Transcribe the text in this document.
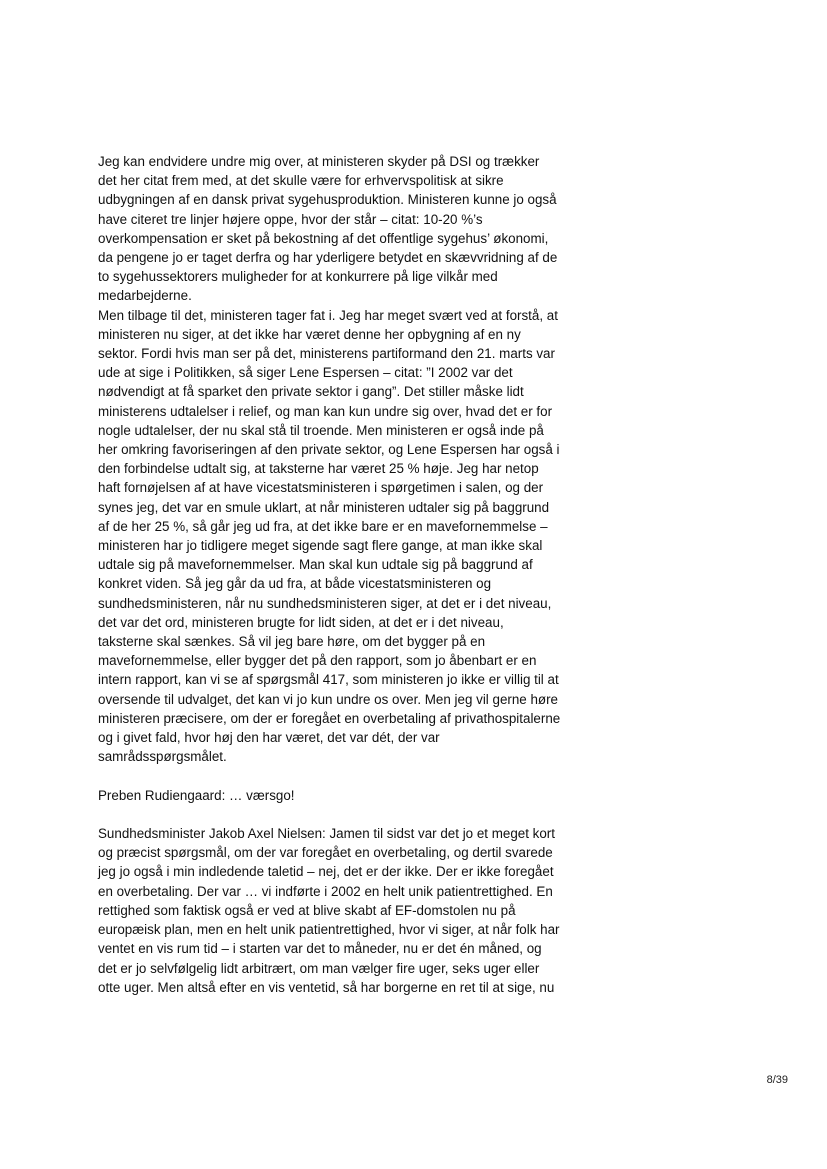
Jeg kan endvidere undre mig over, at ministeren skyder på DSI og trækker
det her citat frem med, at det skulle være for erhvervspolitisk at sikre
udbygningen af en dansk privat sygehusproduktion. Ministeren kunne jo også
have citeret tre linjer højere oppe, hvor der står – citat: 10-20 %’s
overkompensation er sket på bekostning af det offentlige sygehus’ økonomi,
da pengene jo er taget derfra og har yderligere betydet en skævvridning af de
to sygehussektorers muligheder for at konkurrere på lige vilkår med
medarbejderne.

Men tilbage til det, ministeren tager fat i. Jeg har meget svært ved at forstå, at
ministeren nu siger, at det ikke har været denne her opbygning af en ny
sektor. Fordi hvis man ser på det, ministerens partiformand den 21. marts var
ude at sige i Politikken, så siger Lene Espersen – citat: ”I 2002 var det
nødvendigt at få sparket den private sektor i gang”. Det stiller måske lidt
ministerens udtalelser i relief, og man kan kun undre sig over, hvad det er for
nogle udtalelser, der nu skal stå til troende. Men ministeren er også inde på
her omkring favoriseringen af den private sektor, og Lene Espersen har også i
den forbindelse udtalt sig, at taksterne har været 25 % høje. Jeg har netop
haft fornøjelsen af at have vicestatsministeren i spørgetimen i salen, og der
synes jeg, det var en smule uklart, at når ministeren udtaler sig på baggrund
af de her 25 %, så går jeg ud fra, at det ikke bare er en mavefornemmelse –
ministeren har jo tidligere meget sigende sagt flere gange, at man ikke skal
udtale sig på mavefornemmelser. Man skal kun udtale sig på baggrund af
konkret viden. Så jeg går da ud fra, at både vicestatsministeren og
sundhedsministeren, når nu sundhedsministeren siger, at det er i det niveau,
det var det ord, ministeren brugte for lidt siden, at det er i det niveau,
taksterne skal sænkes. Så vil jeg bare høre, om det bygger på en
mavefornemmelse, eller bygger det på den rapport, som jo åbenbart er en
intern rapport, kan vi se af spørgsmål 417, som ministeren jo ikke er villig til at
oversende til udvalget, det kan vi jo kun undre os over. Men jeg vil gerne høre
ministeren præcisere, om der er foregået en overbetaling af privathospitalerne
og i givet fald, hvor høj den har været, det var dét, der var
samrådsspørgsmålet.

Preben Rudiengaard: … værsgo!

Sundhedsminister Jakob Axel Nielsen: Jamen til sidst var det jo et meget kort
og præcist spørgsmål, om der var foregået en overbetaling, og dertil svarede
jeg jo også i min indledende taletid – nej, det er der ikke. Der er ikke foregået
en overbetaling. Der var … vi indførte i 2002 en helt unik patientrettighed. En
rettighed som faktisk også er ved at blive skabt af EF-domstolen nu på
europæisk plan, men en helt unik patientrettighed, hvor vi siger, at når folk har
ventet en vis rum tid – i starten var det to måneder, nu er det én måned, og
det er jo selvfølgelig lidt arbitrært, om man vælger fire uger, seks uger eller
otte uger. Men altså efter en vis ventetid, så har borgerne en ret til at sige, nu

8/39
